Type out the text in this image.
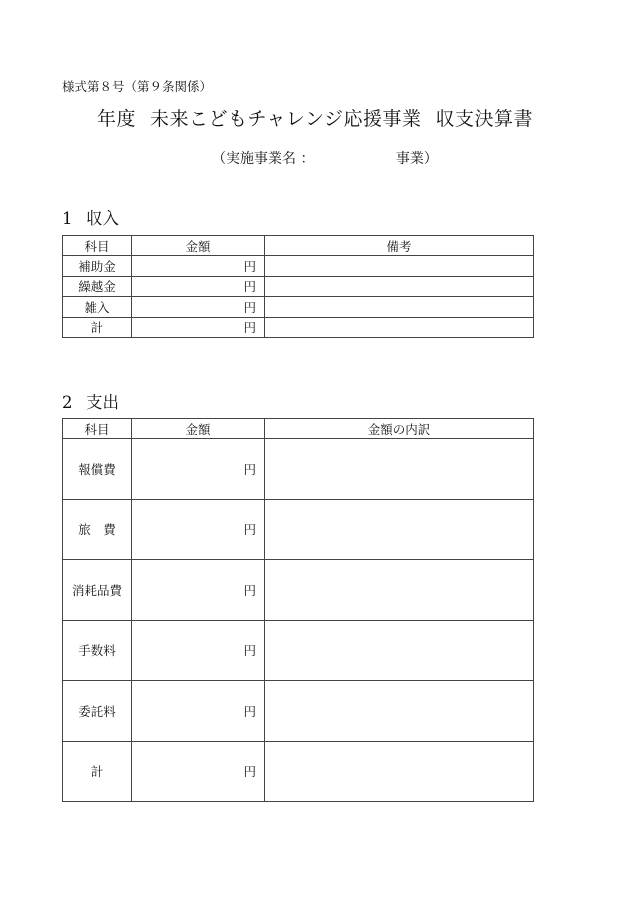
様式第８号（第９条関係）
年度 未来こどもチャレンジ応援事業 収支決算書
（実施事業名 ：　　　　　　 事業）
1 収入
科目	金額	備考
補助金	円	
繰越金	円	
雑入	円	
計	円	
2 支出
科目	金額	金額の内訳
報償費	円	
旅　費	円	
消耗品費	円	
手数料	円	
委託料	円	
計	円	
